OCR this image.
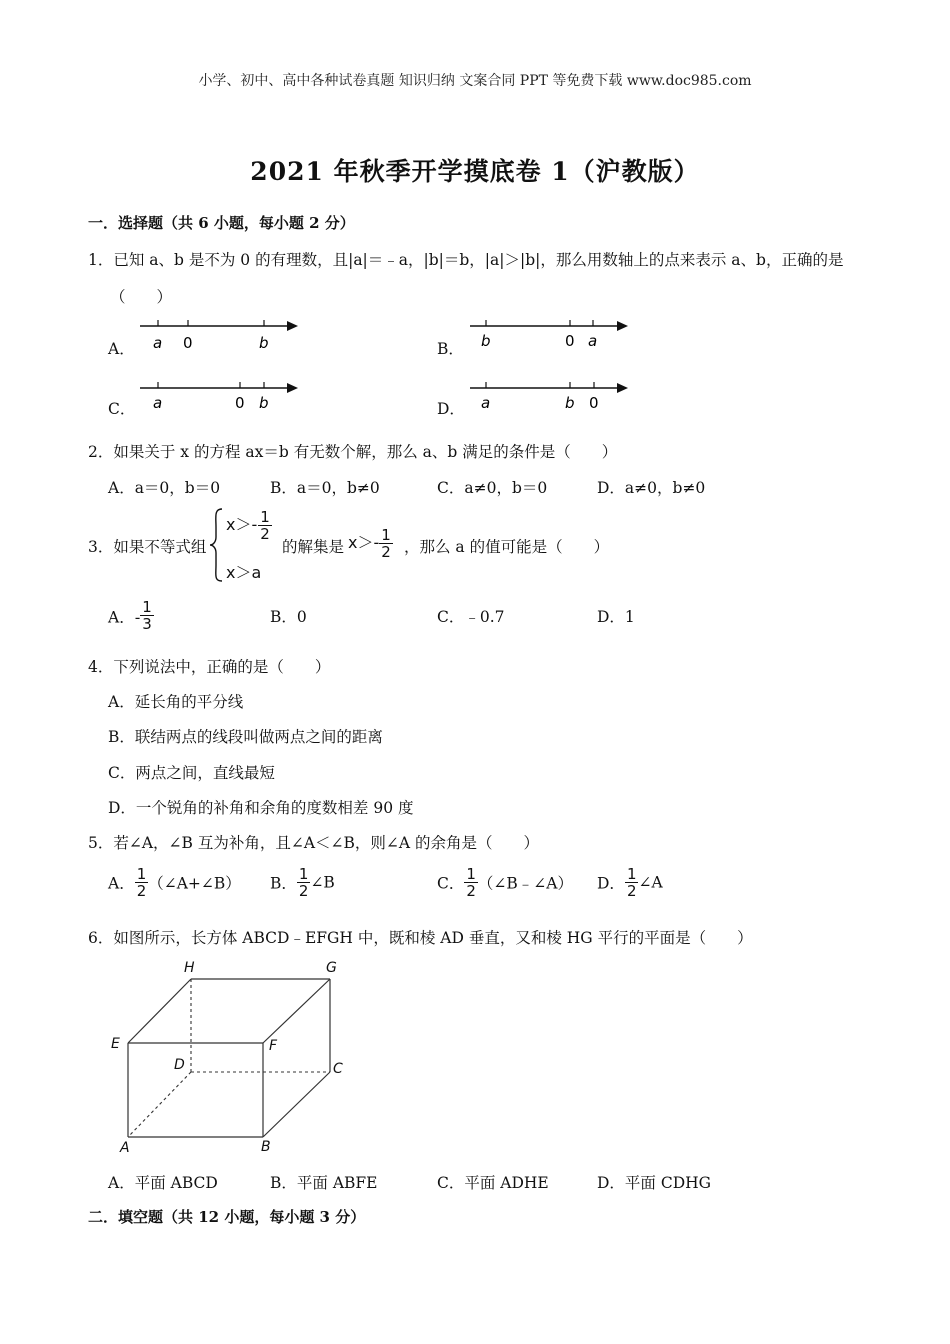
小学、初中、高中各种试卷真题 知识归纳 文案合同 PPT 等免费下载 www.doc985.com
2021 年秋季开学摸底卷 1（沪教版）
一．选择题（共 6 小题，每小题 2 分）
1．已知 a、b 是不为 0 的有理数，且|a|＝﹣a，|b|＝b，|a|＞|b|，那么用数轴上的点来表示 a、b，正确的是
（　　）
A． a 0	b	B． b	0 a
C． a	0 b	D． a	b 0
2．如果关于 x 的方程 ax＝b 有无数个解，那么 a、b 满足的条件是（　　）
A．a＝0，b＝0	B．a＝0，b≠0	C．a≠0，b＝0	D．a≠0，b≠0
3．如果不等式组
$x>- \frac{1}{2}$
x＞a
的解集是 $x>- \frac{1}{2}$ ，那么 a 的值可能是（　　）
A．- $\frac{1}{3}$	B．0	C．﹣0.7	D．1
4．下列说法中，正确的是（　　）
A．延长角的平分线
B．联结两点的线段叫做两点之间的距离
C．两点之间，直线最短
D．一个锐角的补角和余角的度数相差 90 度
5．若∠A，∠B 互为补角，且∠A＜∠B，则∠A 的余角是（　　）
A． $\frac{1}{2}$ （∠A+∠B） B． $\frac{1}{2}$ ∠B	C． $\frac{1}{2}$ （∠B﹣∠A） D． $\frac{1}{2}$ ∠A
6．如图所示，长方体 ABCD﹣EFGH 中，既和棱 AD 垂直，又和棱 HG 平行的平面是（　　）
H	G
E	F
D	C
A	B
A．平面 ABCD	B．平面 ABFE	C．平面 ADHE	D．平面 CDHG
二．填空题（共 12 小题，每小题 3 分）
